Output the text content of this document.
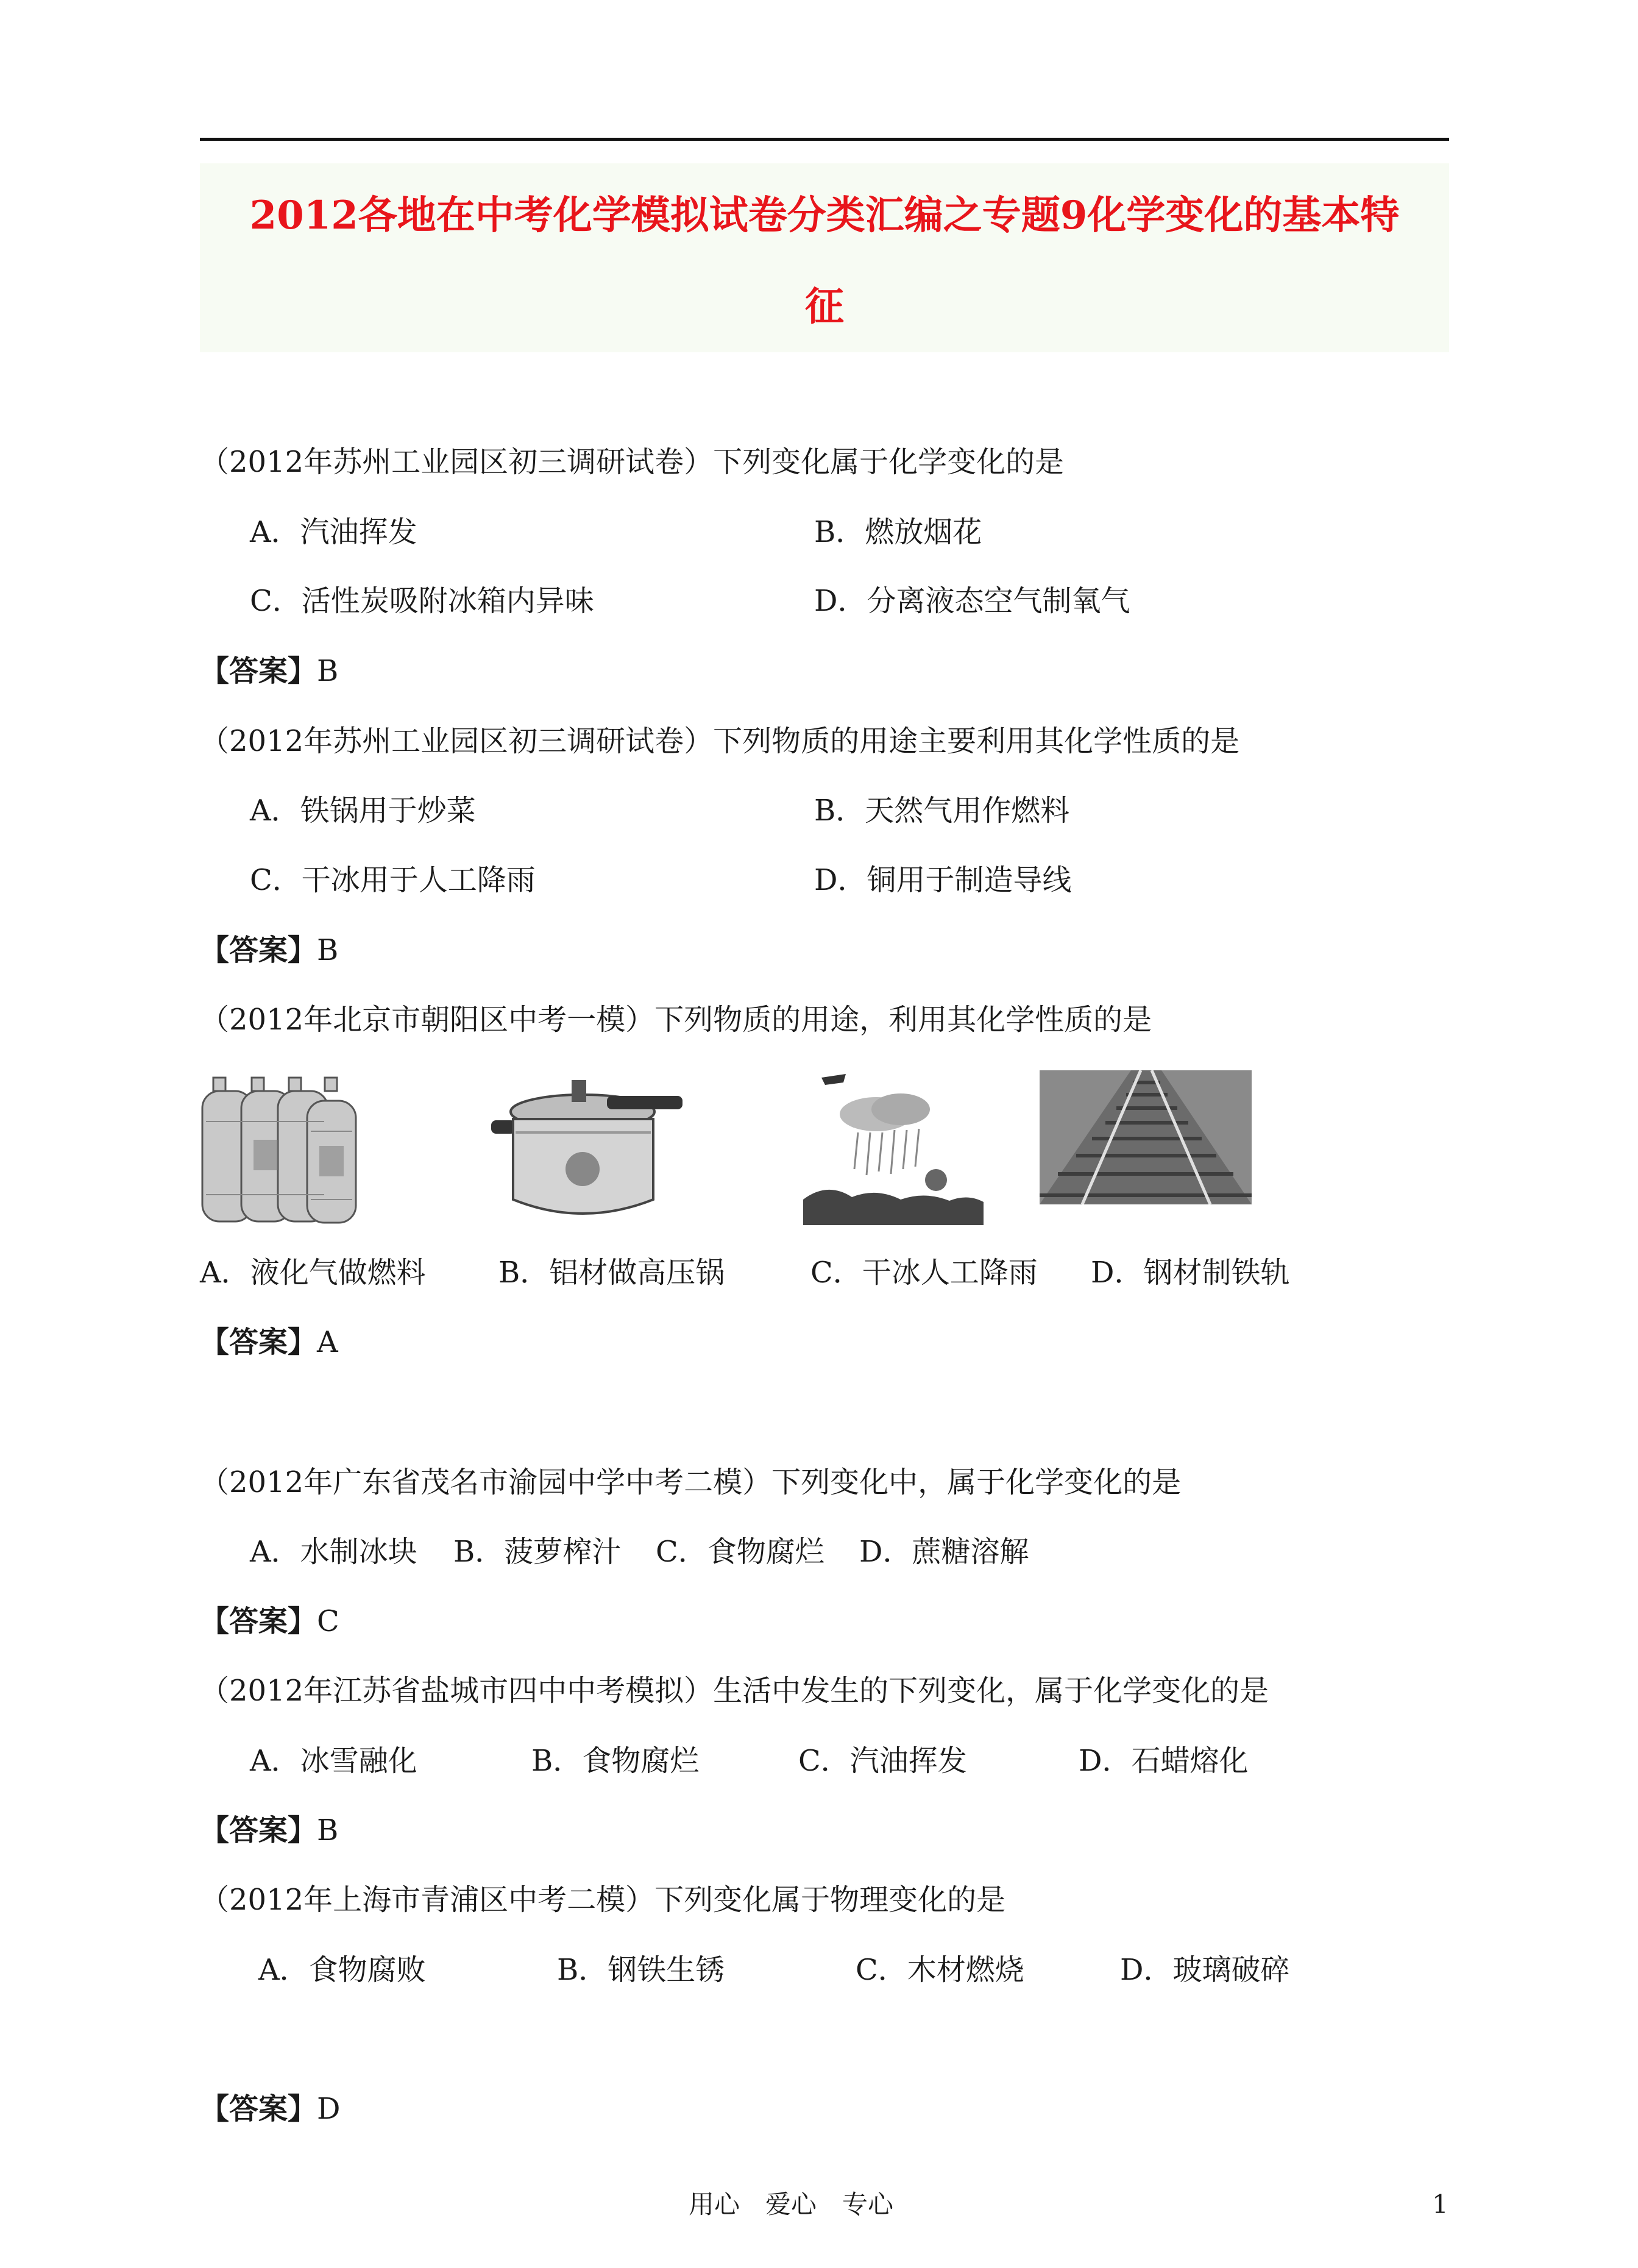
2012各地在中考化学模拟试卷分类汇编之专题9化学变化的基本特
征
（2012年苏州工业园区初三调研试卷）下列变化属于化学变化的是
A．汽油挥发	B．燃放烟花
C．活性炭吸附冰箱内异味	D．分离液态空气制氧气
【答案】B
（2012年苏州工业园区初三调研试卷）下列物质的用途主要利用其化学性质的是
A．铁锅用于炒菜	B．天然气用作燃料
C．干冰用于人工降雨	D．铜用于制造导线
【答案】B
（2012年北京市朝阳区中考一模）下列物质的用途，利用其化学性质的是
A．液化气做燃料 B．铝材做高压锅	C．干冰人工降雨 D．钢材制铁轨
【答案】A
（2012年广东省茂名市渝园中学中考二模）下列变化中，属于化学变化的是
A．水制冰块 B．菠萝榨汁 C．食物腐烂 D．蔗糖溶解
【答案】C
（2012年江苏省盐城市四中中考模拟）生活中发生的下列变化，属于化学变化的是
A．冰雪融化	B．食物腐烂	C．汽油挥发	D．石蜡熔化
【答案】B
（2012年上海市青浦区中考二模）下列变化属于物理变化的是
A．食物腐败	B．钢铁生锈	C．木材燃烧	D．玻璃破碎
【答案】D
用心　爱心　专心	1
